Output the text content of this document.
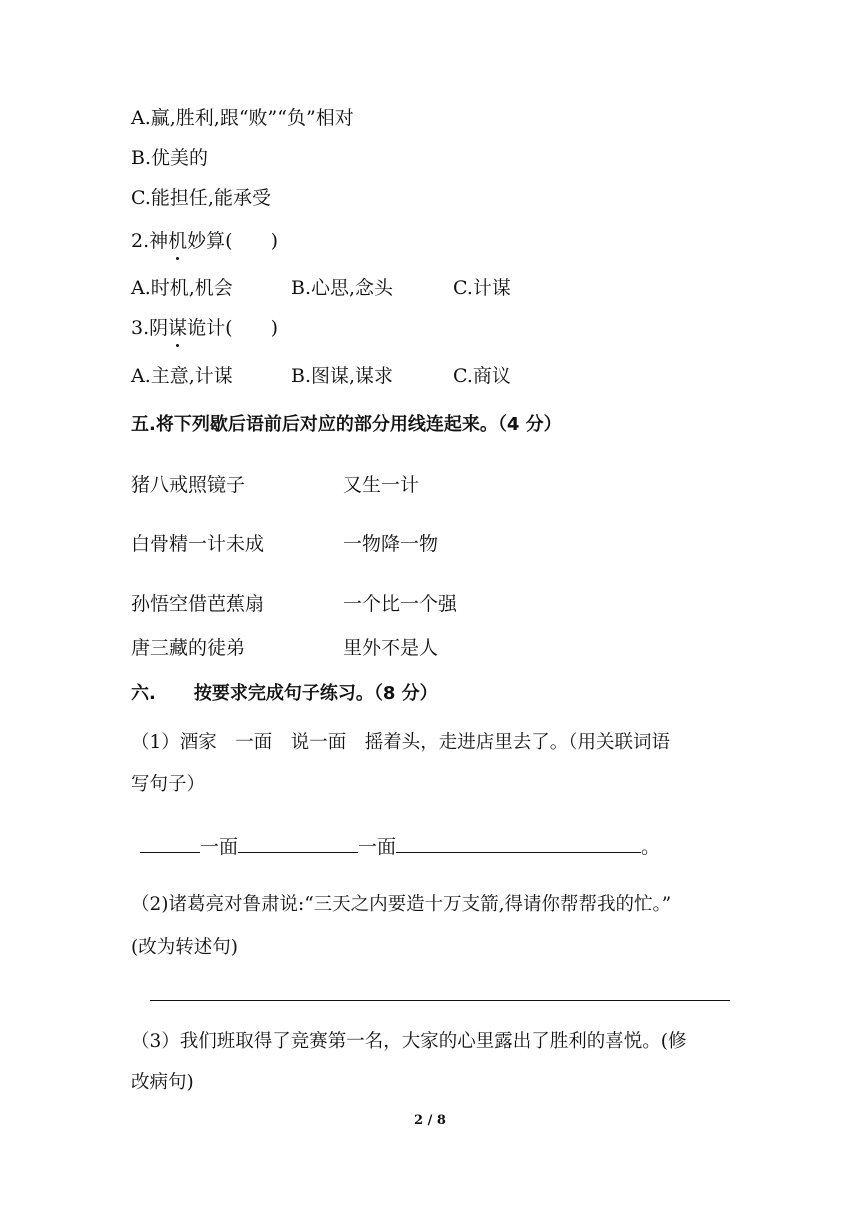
A.赢,胜利,跟“败”“负”相对
B.优美的
C.能担任,能承受
2.神机妙算(　　)
A.时机,机会	B.心思,念头	C.计谋
3.阴谋诡计(　　)
A.主意,计谋	B.图谋,谋求	C.商议
五.将下列歇后语前后对应的部分用线连起来。（4 分）
猪八戒照镜子	又生一计
白骨精一计未成	一物降一物
孙悟空借芭蕉扇	一个比一个强
唐三藏的徒弟	里外不是人
六. 按要求完成句子练习。（8 分）
（1）酒家　一面　说一面　摇着头，走进店里去了。（用关联词语
写句子）
一面	一面	。
（2)诸葛亮对鲁肃说:“三天之内要造十万支箭,得请你帮帮我的忙。”
(改为转述句)
（3）我们班取得了竞赛第一名，大家的心里露出了胜利的喜悦。(修
改病句)
2 / 8
